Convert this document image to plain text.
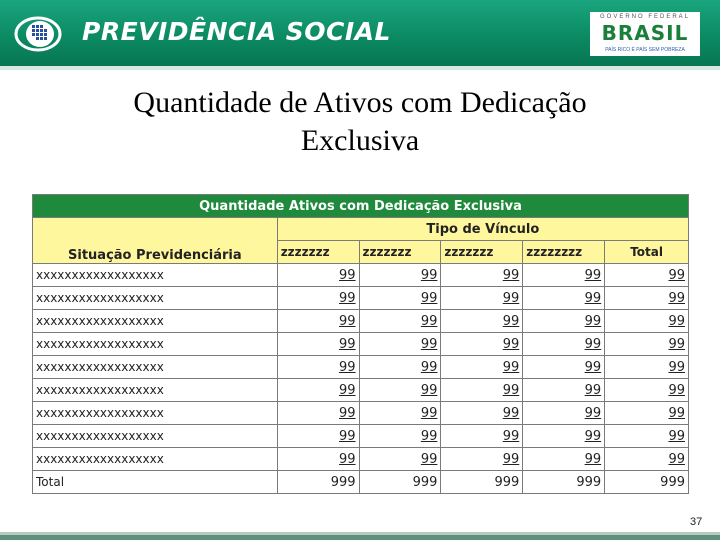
PREVIDÊNCIA SOCIAL	GOVERNO FEDERAL
BRASIL
PAÍS RICO É PAÍS SEM POBREZA
Quantidade de Ativos com Dedicação
Exclusiva
Quantidade Ativos com Dedicação Exclusiva					
Situação Previdenciária	Tipo de Vínculo				
	zzzzzzz	zzzzzzz	zzzzzzz	zzzzzzzz	Total
xxxxxxxxxxxxxxxxxx	99	99	99	99	99
xxxxxxxxxxxxxxxxxx	99	99	99	99	99
xxxxxxxxxxxxxxxxxx	99	99	99	99	99
xxxxxxxxxxxxxxxxxx	99	99	99	99	99
xxxxxxxxxxxxxxxxxx	99	99	99	99	99
xxxxxxxxxxxxxxxxxx	99	99	99	99	99
xxxxxxxxxxxxxxxxxx	99	99	99	99	99
xxxxxxxxxxxxxxxxxx	99	99	99	99	99
xxxxxxxxxxxxxxxxxx	99	99	99	99	99
Total	999	999	999	999	999
37
